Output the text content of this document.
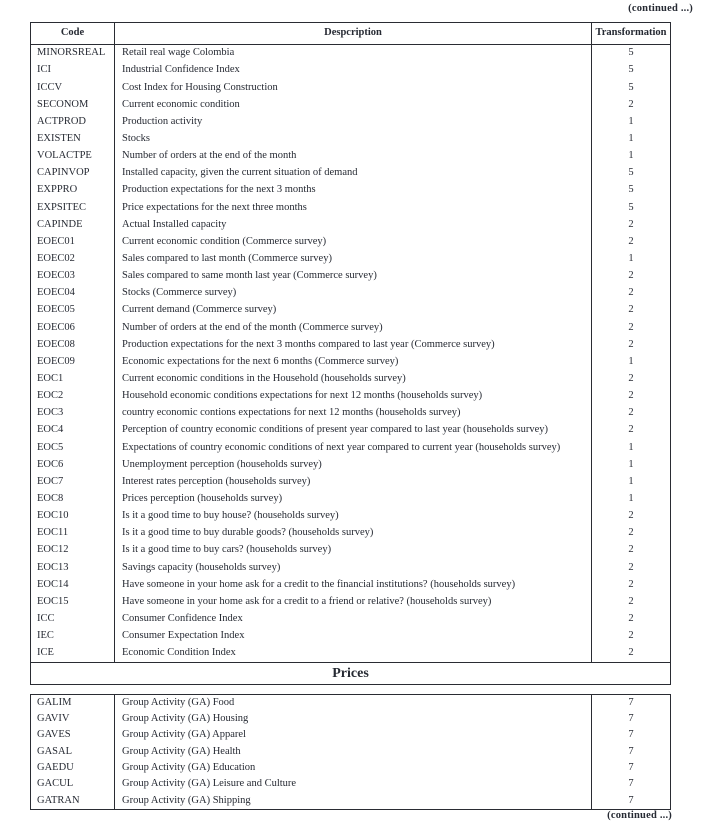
(continued ...)
Code	Despcription	Transformation
MINORSREAL	Retail real wage Colombia	5
ICI	Industrial Confidence Index	5
ICCV	Cost Index for Housing Construction	5
SECONOM	Current economic condition	2
ACTPROD	Production activity	1
EXISTEN	Stocks	1
VOLACTPE	Number of orders at the end of the month	1
CAPINVOP	Installed capacity, given the current situation of demand	5
EXPPRO	Production expectations for the next 3 months	5
EXPSITEC	Price expectations for the next three months	5
CAPINDE	Actual Installed capacity	2
EOEC01	Current economic condition (Commerce survey)	2
EOEC02	Sales compared to last month (Commerce survey)	1
EOEC03	Sales compared to same month last year (Commerce survey)	2
EOEC04	Stocks (Commerce survey)	2
EOEC05	Current demand (Commerce survey)	2
EOEC06	Number of orders at the end of the month (Commerce survey)	2
EOEC08	Production expectations for the next 3 months compared to last year (Commerce survey)	2
EOEC09	Economic expectations for the next 6 months (Commerce survey)	1
EOC1	Current economic conditions in the Household (households survey)	2
EOC2	Household economic conditions expectations for next 12 months (households survey)	2
EOC3	country economic contions expectations for next 12 months (households survey)	2
EOC4	Perception of country economic conditions of present year compared to last year (households survey)	2
EOC5	Expectations of country economic conditions of next year compared to current year (households survey)	1
EOC6	Unemployment perception (households survey)	1
EOC7	Interest rates perception (households survey)	1
EOC8	Prices perception (households survey)	1
EOC10	Is it a good time to buy house? (households survey)	2
EOC11	Is it a good time to buy durable goods? (households survey)	2
EOC12	Is it a good time to buy cars? (households survey)	2
EOC13	Savings capacity (households survey)	2
EOC14	Have someone in your home ask for a credit to the financial institutions? (households survey)	2
EOC15	Have someone in your home ask for a credit to a friend or relative? (households survey)	2
ICC	Consumer Confidence Index	2
IEC	Consumer Expectation Index	2
ICE	Economic Condition Index	2
Prices
GALIM	Group Activity (GA) Food	7
GAVIV	Group Activity (GA) Housing	7
GAVES	Group Activity (GA) Apparel	7
GASAL	Group Activity (GA) Health	7
GAEDU	Group Activity (GA) Education	7
GACUL	Group Activity (GA) Leisure and Culture	7
GATRAN	Group Activity (GA) Shipping	7
(continued ...)
